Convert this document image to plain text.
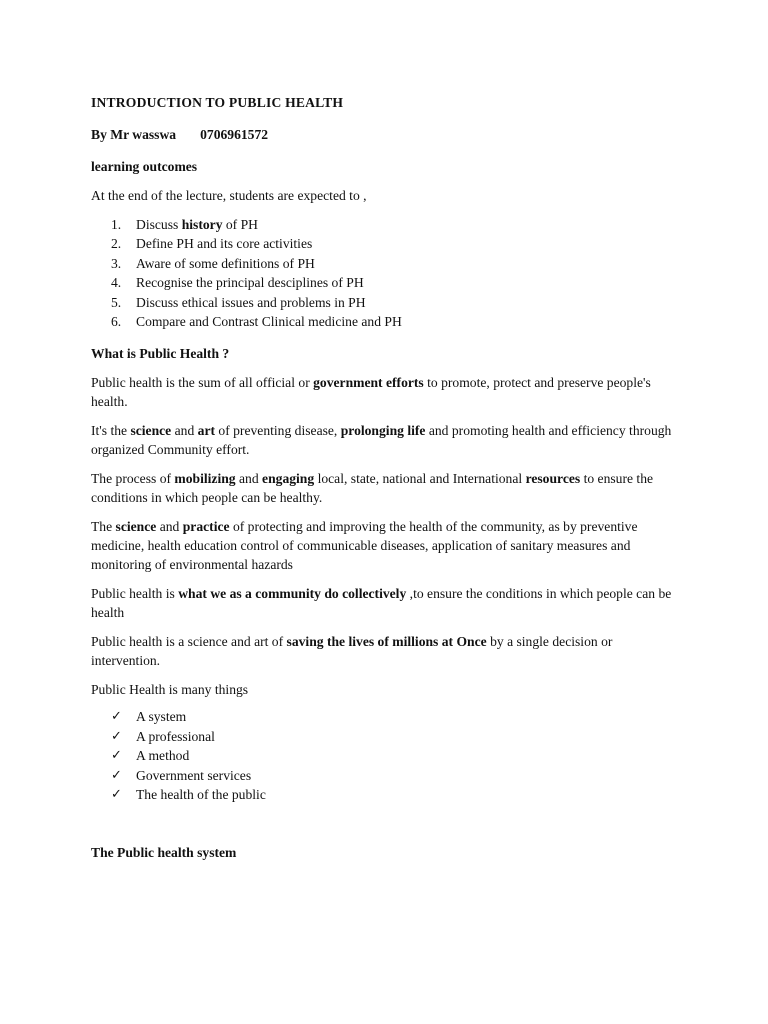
INTRODUCTION TO PUBLIC HEALTH
By Mr wasswa 0706961572
learning outcomes
At the end of the lecture, students are expected to ,
1. Discuss history of PH
2. Define PH and its core activities
3. Aware of some definitions of PH
4. Recognise the principal desciplines of PH
5. Discuss ethical issues and problems in PH
6. Compare and Contrast Clinical medicine and PH
What is Public Health ?

Public health is the sum of all official or government efforts to promote, protect and preserve people's health.

It's the science and art of preventing disease, prolonging life and promoting health and efficiency through organized Community effort.

The process of mobilizing and engaging local, state, national and International resources to ensure the conditions in which people can be healthy.

The science and practice of protecting and improving the health of the community, as by preventive medicine, health education control of communicable diseases, application of sanitary measures and monitoring of environmental hazards

Public health is what we as a community do collectively ,to ensure the conditions in which people can be health

Public health is a science and art of saving the lives of millions at Once by a single decision or intervention.

Public Health is many things

✓ A system
✓ A professional
✓ A method
✓ Government services
✓ The health of the public
The Public health system
